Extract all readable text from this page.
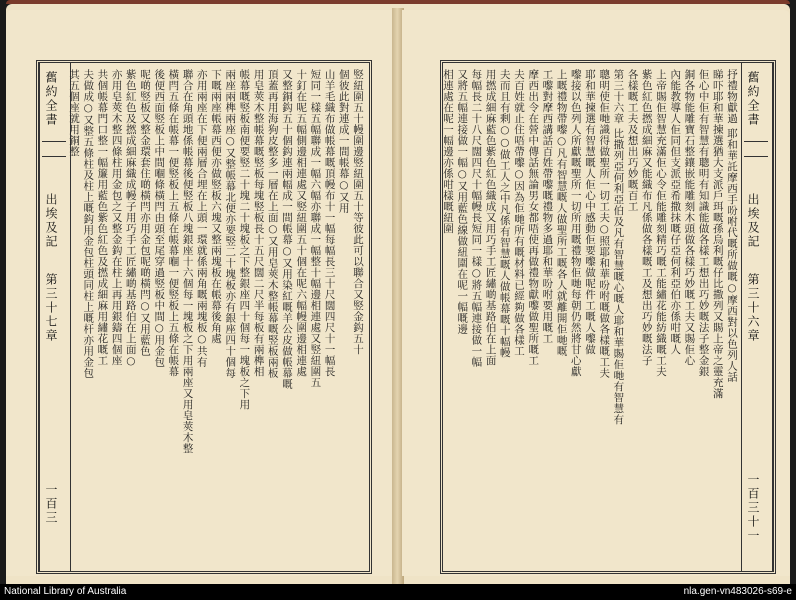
舊約全書
出埃及記
第三十七章
一百三
竪紐圍五十幔圍邊竪紐圍五十等彼此可以聯合又竪金鈎五十
個彼此對連成一間帳幕○又用
山羊毛織布做帳幕嘅頂幔布十一幅每幅長三十尺闊四尺十一幅長
短同一樣五幅聯成一幅六幅亦聯成一幅整十幅邊相連處又竪紐圍五
十釘在呢五幅側邊相連處又竪紐圍五十個在呢六幅幔圍邊相連處
又整銅鈎五十個鈎連兩幅成一間帳幕○又用染紅嘅羊公皮做帳幕嘅
頂蓋再用海狗皮整多一層在上面○又用皂莢木整帳幕嘅竪板兩板
用皂莢木整帳幕嘅竪板每塊竪板長十五尺闊二尺半每板有兩榫相
帳幕嘅竪板南便要竪二十塊二十塊板之下整銀座四十個每一塊板之下用
兩座兩榫兩座○又整帳幕北便亦要竪二十塊板亦有銀座四十個每
下嘅兩座帳幕西便亦做竪板六塊又整兩塊板在帳幕後角處
亦用兩座在下便兩層合埋在上頭一環就係兩角嘅兩塊板○共有
聯合在角頭地係帳幕後便竪板八塊銀座十六個每一塊板之下用兩座又用皂莢木整
橫閂五條在帳幕一便竪板上五條在帳幕嗰一便竪板上五條在帳幕
後便西面竪板上中間嗰條橫閂由頭至尾穿過竪板中間○用金包
呢啲竪板又整金環套住啲橫閂亦用金包呢啲橫閂○又用藍色
紫色紅色及撚成細麻織成幔子用巧手工匠繡啲基路伯在上面○
亦用皂莢木整四條柱用金包之又整金鈎在柱上再用銀鑄四個座
共個帳幕門口整一幅簾用藍色紫色紅色及撚成細麻用繡花嘅工
夫做成○又整五條柱及柱上嘅鈎用金包柱頭同柱上嘅杆亦用金包
其五個座就用銅整	舊約全書
出埃及記
第三十六章
一百三十一
抒禮物獻過 耶和華託摩西手吩咐代嘅所做嘅○摩西對以色列人話
睇吓耶和華揀選猶大支派戶珥嘅孫烏利嘅仔比撒列又賜上帝之靈充滿
佢心中佢有智慧有聰明有知識能做各樣工想出巧妙嘅法子整金銀
銅各物能雕寶石整鑲嵌能雕刻木頭做各樣巧妙嘅工夫又賜佢心
內能教導人佢同但支派亞希撒抹嘅仔亞何利亞伯亦係咁嘅人
上帝賜佢智慧充滿佢心令佢能雕刻精巧嘅工能繡花能紡織嘅工夫
紫色紅色撚成細麻又能織布凡係做各樣嘅工及想出巧妙嘅法子
各樣嘅工夫及想出巧妙嘅百工
第三十六章 比撒列亞何利亞伯及凡有智慧嘅心嘅人耶和華賜佢哋有智慧有
聰明使佢哋識得做聖所一切工夫○照耶和華吩咐嘅做各樣嘅工夫
耶和華揀選有智慧嘅人佢心中感動佢要嚟做呢件工嘅人嚟做
嚟接以色列人所獻嘅聖所一切所用嘅禮物佢哋每朝仍然將甘心獻
上嘅禮物帶嚟○凡有智慧嘅人做聖所工嘅各人就離開佢哋嘅
工嚟對摩西講話百姓帶嚟嘅禮物多過耶和華吩咐要用嘅工
摩西出令在營中傳話無論男女都唔使再做禮物獻嚟做聖所嘅工
夫百姓就止住唔帶嚟○因為佢哋所有嘅材料已經夠做各樣工
夫而且有剩○○做工人之中凡係有智慧嘅人做帳幕嘅十幅幔
用撚成細麻藍色紫色紅色織成又用巧手工匠繡啲基路伯在上面
每幅長二十八尺闊四尺十幅幔長短同一樣○將五幅連接做一幅
又將五幅連接做一幅○又用藍色線做紐圍在呢一幅嘅邊
相連處在呢一幅邊亦係咁樣嘅紐圍
National Library of Australia	nla.gen-vn483026-s69-e
